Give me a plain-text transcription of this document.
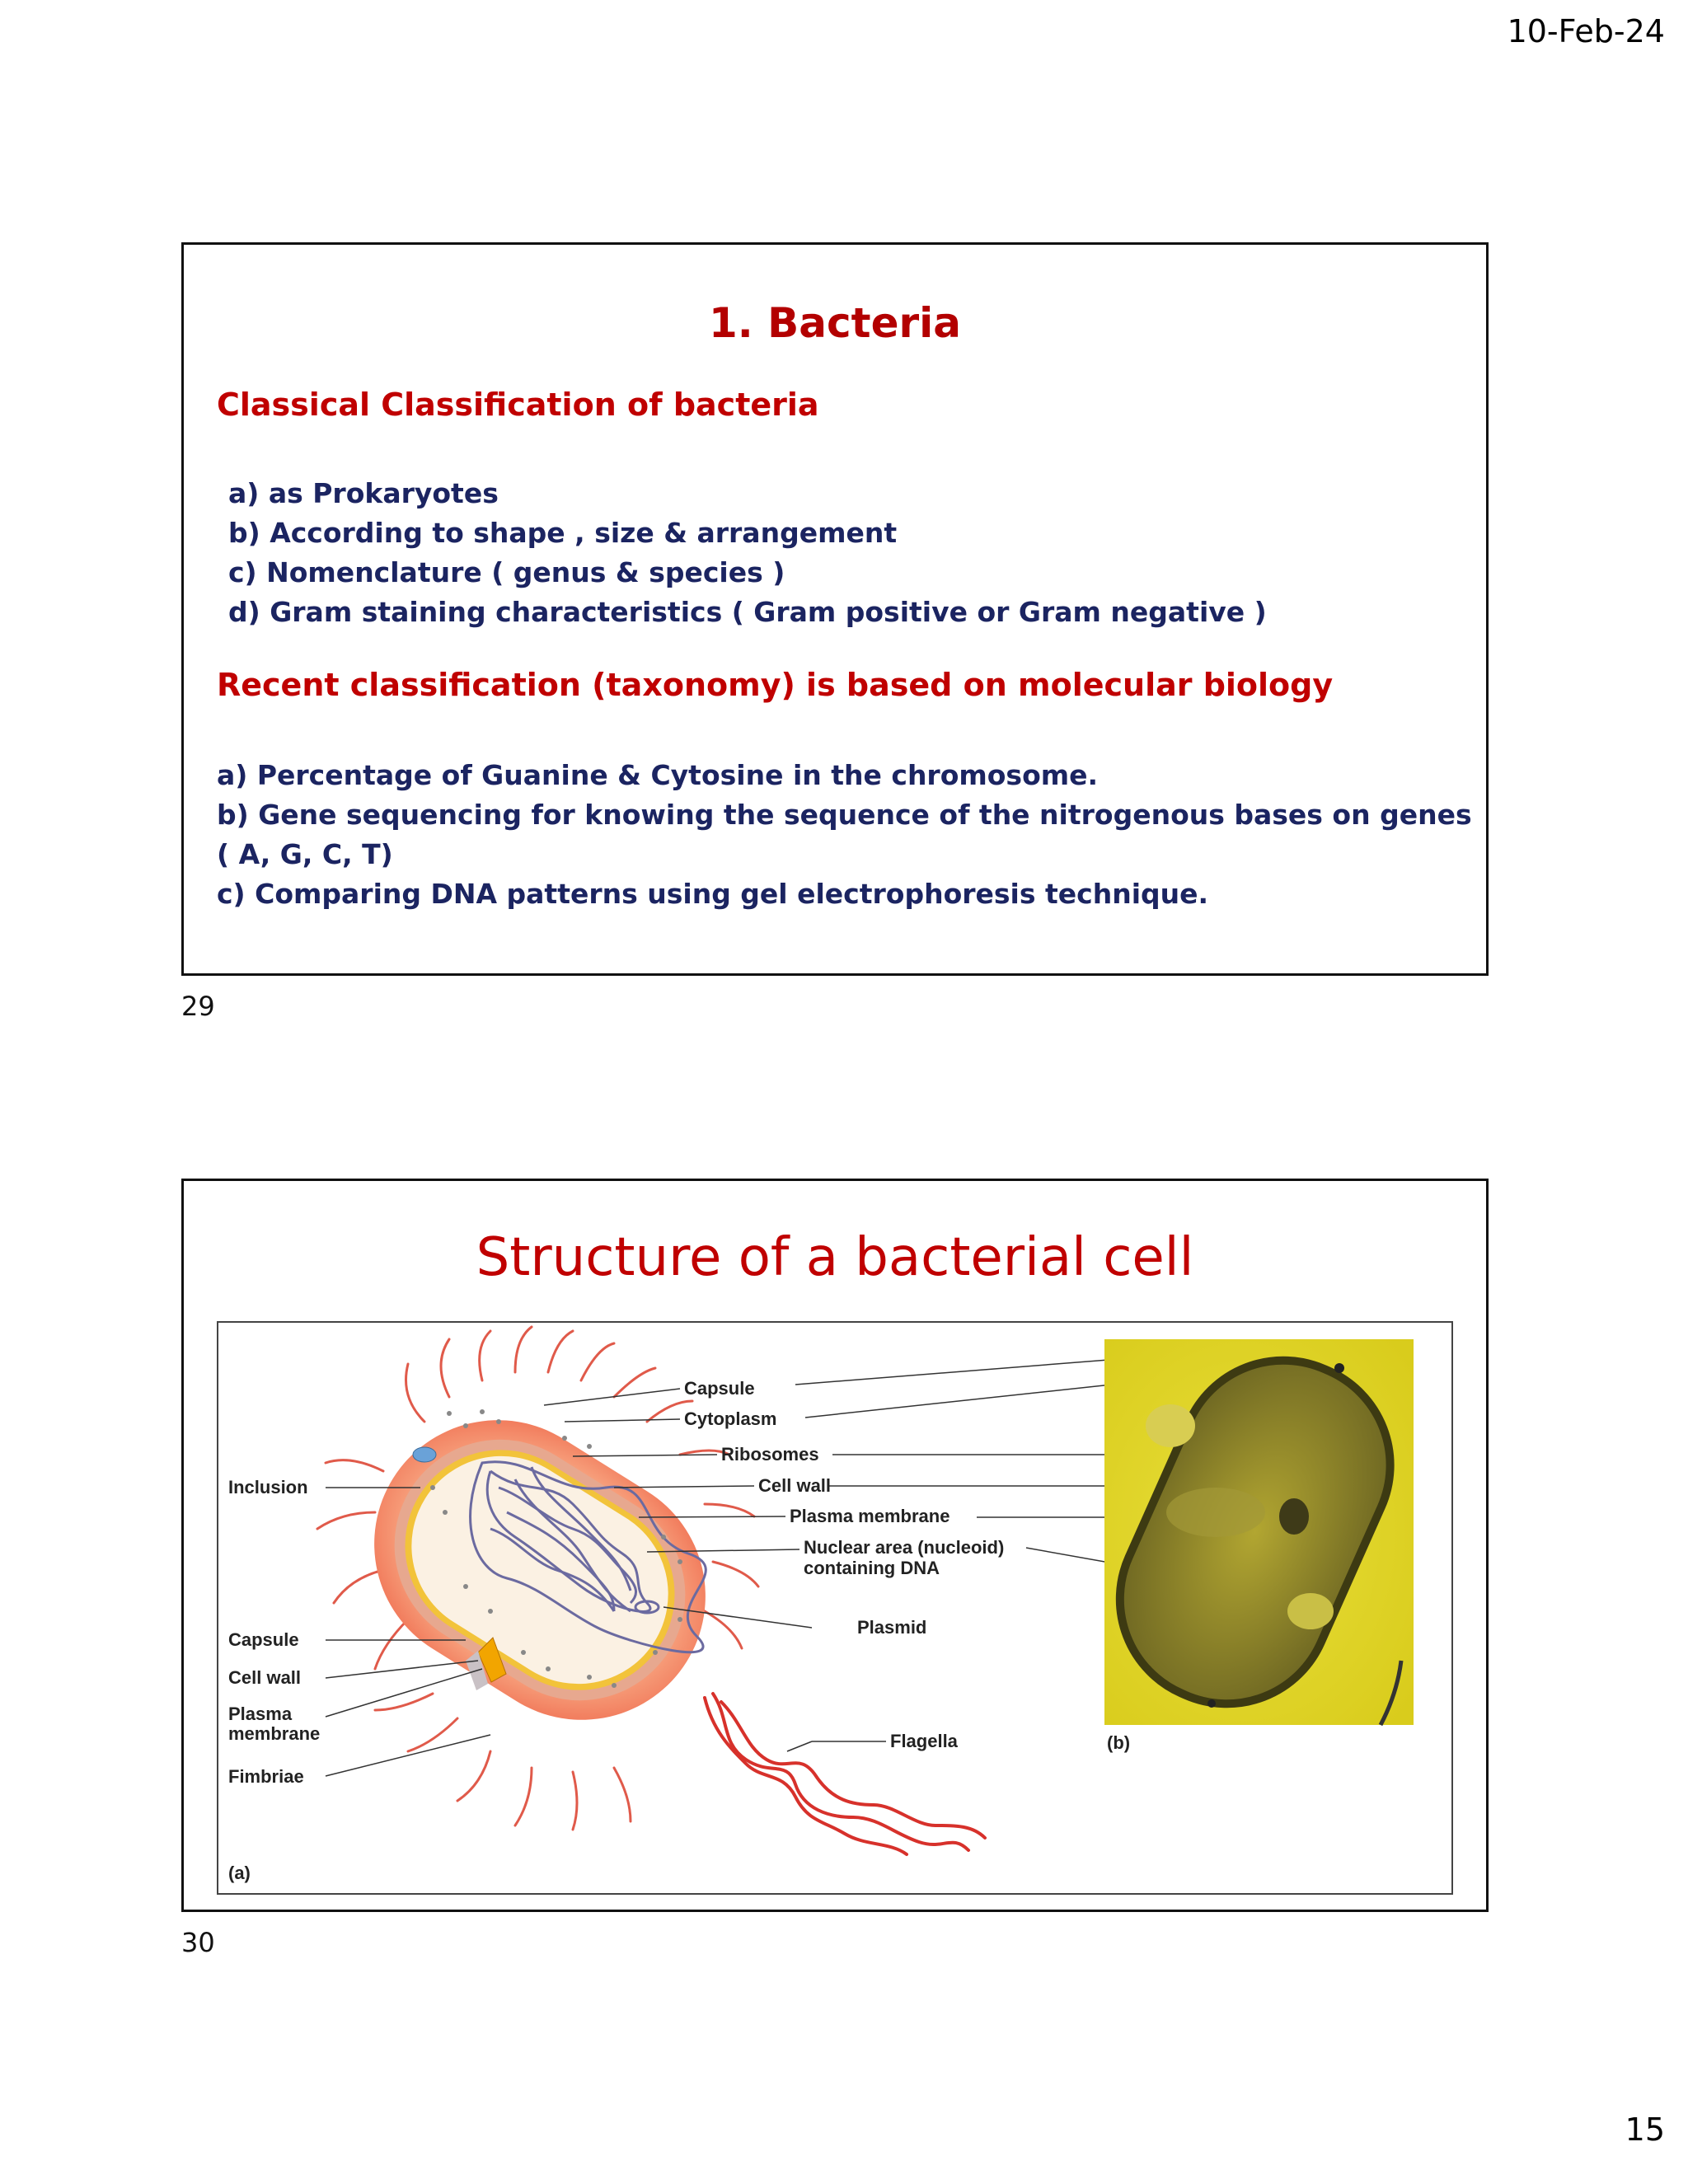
10-Feb-24
1. Bacteria
Classical Classification of bacteria
a) as Prokaryotes
b) According to shape , size & arrangement
c) Nomenclature ( genus & species )
d) Gram staining characteristics ( Gram positive or Gram negative )
Recent classification (taxonomy) is based on molecular biology
a) Percentage of Guanine & Cytosine in the chromosome.
b) Gene sequencing for knowing the sequence of the nitrogenous bases on genes ( A, G, C, T)
c) Comparing DNA patterns using gel electrophoresis technique.
29
Structure of a bacterial cell
Capsule
Cytoplasm
Ribosomes
Cell wall
Plasma membrane
Nuclear area (nucleoid)
containing DNA
Plasmid
Flagella
Inclusion
Capsule
Cell wall
Plasma
membrane
Fimbriae
(a)
(b)
30
15
